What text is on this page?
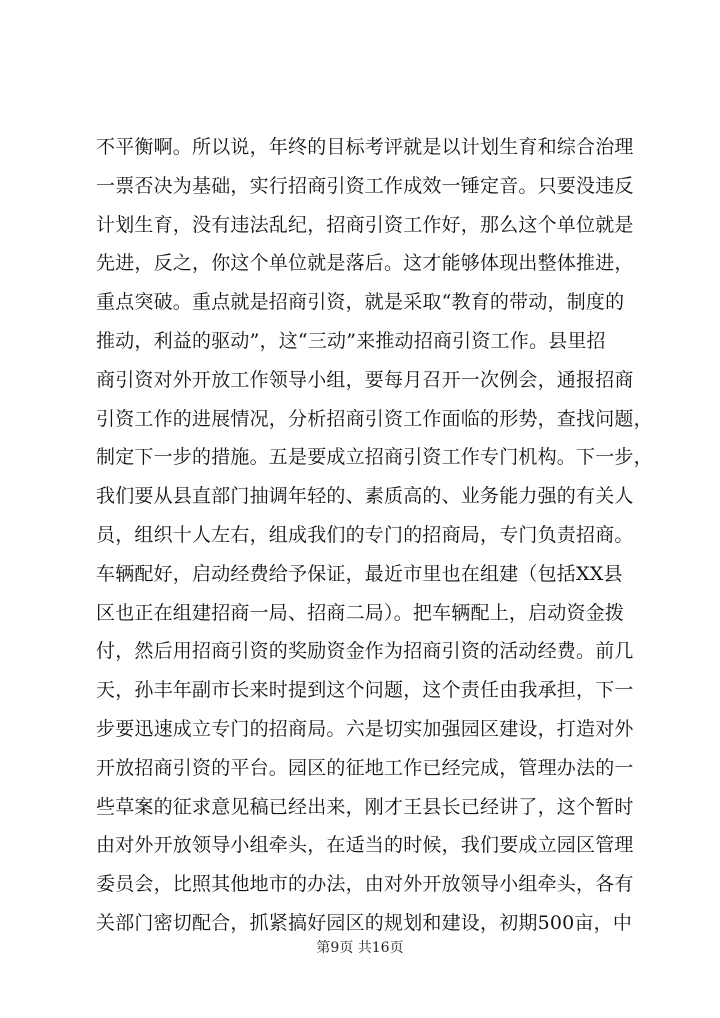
不平衡啊。所以说，年终的目标考评就是以计划生育和综合治理
一票否决为基础，实行招商引资工作成效一锤定音。只要没违反
计划生育，没有违法乱纪，招商引资工作好，那么这个单位就是
先进，反之，你这个单位就是落后。这才能够体现出整体推进，
重点突破。重点就是招商引资，就是采取“教育的带动，制度的
推动，利益的驱动”，这“三动”来推动招商引资工作。县里招
商引资对外开放工作领导小组，要每月召开一次例会，通报招商
引资工作的进展情况，分析招商引资工作面临的形势，查找问题，
制定下一步的措施。五是要成立招商引资工作专门机构。下一步，
我们要从县直部门抽调年轻的、素质高的、业务能力强的有关人
员，组织十人左右，组成我们的专门的招商局，专门负责招商。
车辆配好，启动经费给予保证，最近市里也在组建（包括XX县
区也正在组建招商一局、招商二局）。把车辆配上，启动资金拨
付，然后用招商引资的奖励资金作为招商引资的活动经费。前几
天，孙丰年副市长来时提到这个问题，这个责任由我承担，下一
步要迅速成立专门的招商局。六是切实加强园区建设，打造对外
开放招商引资的平台。园区的征地工作已经完成，管理办法的一
些草案的征求意见稿已经出来，刚才王县长已经讲了，这个暂时
由对外开放领导小组牵头，在适当的时候，我们要成立园区管理
委员会，比照其他地市的办法，由对外开放领导小组牵头，各有
关部门密切配合，抓紧搞好园区的规划和建设，初期500亩，中
第9页 共16页
